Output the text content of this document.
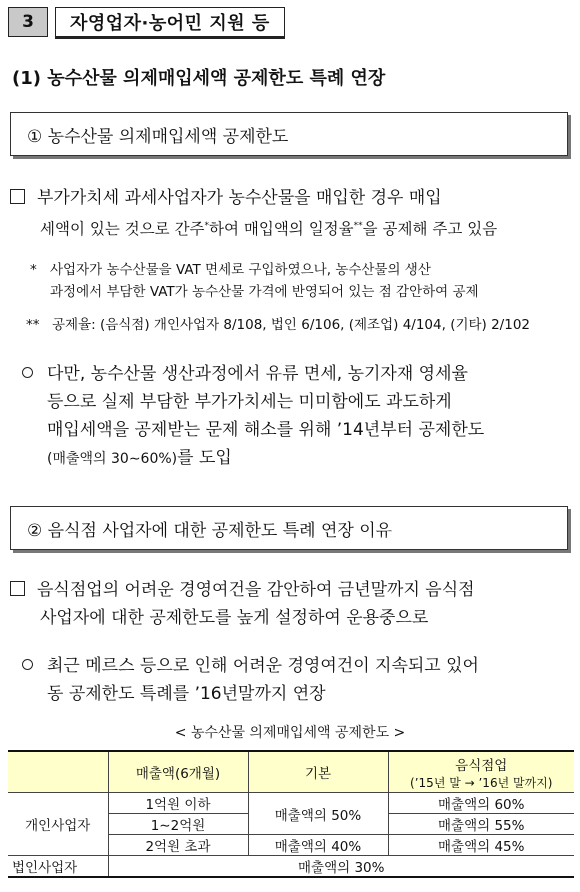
3	자영업자·농어민 지원 등
(1) 농수산물 의제매입세액 공제한도 특례 연장
① 농수산물 의제매입세액 공제한도
부가가치세 과세사업자가 농수산물을 매입한 경우 매입
세액이 있는 것으로 간주*하여 매입액의 일정율**을 공제해 주고 있음
* 사업자가 농수산물을 VAT 면세로 구입하였으나, 농수산물의 생산
과정에서 부담한 VAT가 농수산물 가격에 반영되어 있는 점 감안하여 공제
** 공제율: (음식점) 개인사업자 8/108, 법인 6/106, (제조업) 4/104, (기타) 2/102
다만, 농수산물 생산과정에서 유류 면세, 농기자재 영세율
등으로 실제 부담한 부가가치세는 미미함에도 과도하게
매입세액을 공제받는 문제 해소를 위해 ’14년부터 공제한도
(매출액의 30∼60%)를 도입
② 음식점 사업자에 대한 공제한도 특례 연장 이유
음식점업의 어려운 경영여건을 감안하여 금년말까지 음식점
사업자에 대한 공제한도를 높게 설정하여 운용중으로
최근 메르스 등으로 인해 어려운 경영여건이 지속되고 있어
동 공제한도 특례를 ’16년말까지 연장
< 농수산물 의제매입세액 공제한도 >
	매출액(6개월)	기본	음식점업
(’15년 말 → ’16년 말까지)

개인사업자	1억원 이하	매출액의 50%	매출액의 60%
	1∼2억원		매출액의 55%
	2억원 초과	매출액의 40%	매출액의 45%
법인사업자	매출액의 30%		
